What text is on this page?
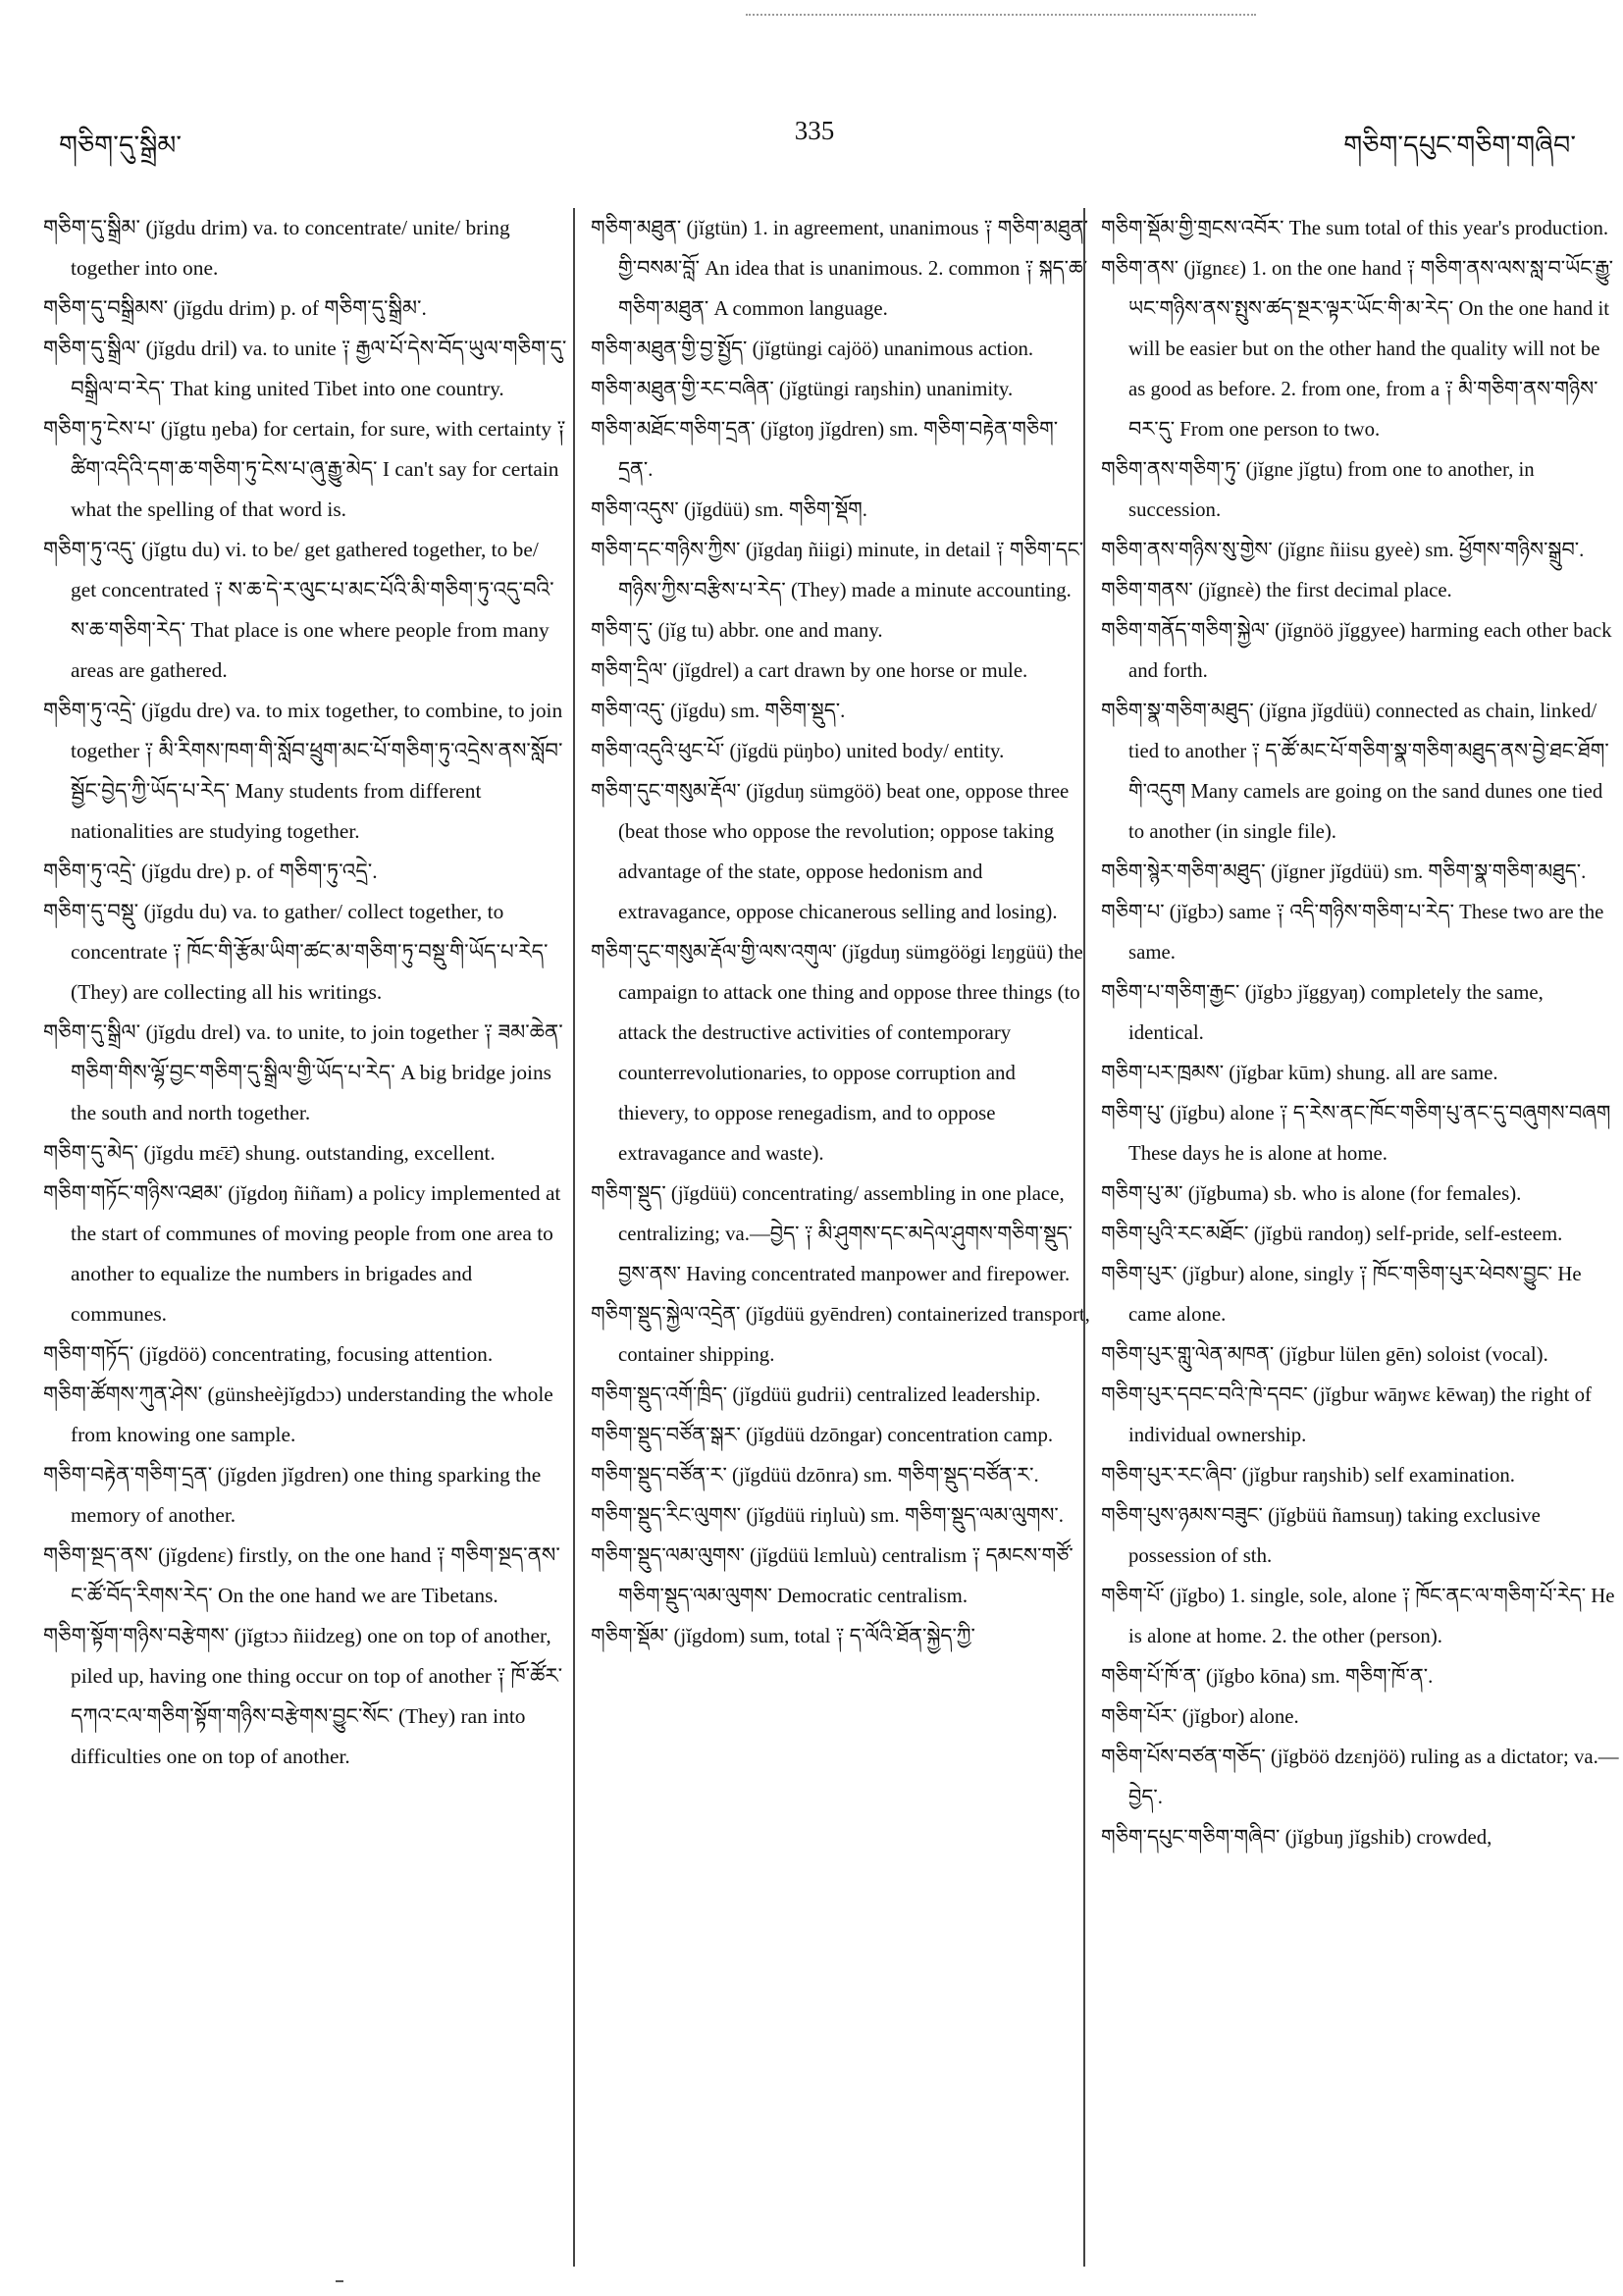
གཅིག་དུ་སྒྲིམ་	335	གཅིག་དཔུང་གཅིག་གཞིབ་

གཅིག་དུ་སྒྲིམ་ (jĭgdu drim) va. to concentrate/ unite/ bring together into one.

གཅིག་དུ་བསྒྲིམས་ (jĭgdu drim) p. of གཅིག་དུ་སྒྲིམ་.

གཅིག་དུ་སྒྲིལ་ (jĭgdu dril) va. to unite ༑ རྒྱལ་པོ་དེས་བོད་ཡུལ་གཅིག་དུ་བསྒྲིལ་བ་རེད་ That king united Tibet into one country.

གཅིག་ཏུ་ངེས་པ་ (jĭgtu ŋeba) for certain, for sure, with certainty ༑ ཚིག་འདིའི་དག་ཆ་གཅིག་ཏུ་ངེས་པ་ཞུ་རྒྱུ་མེད་ I can't say for certain what the spelling of that word is.

གཅིག་ཏུ་འདུ་ (jĭgtu du) vi. to be/ get gathered together, to be/ get concentrated ༑ ས་ཆ་དེ་ར་ལུང་པ་མང་པོའི་མི་གཅིག་ཏུ་འདུ་བའི་ས་ཆ་གཅིག་རེད་ That place is one where people from many areas are gathered.

གཅིག་ཏུ་འདྲེ་ (jĭgdu dre) va. to mix together, to combine, to join together ༑ མི་རིགས་ཁག་གི་སློབ་ཕྲུག་མང་པོ་གཅིག་ཏུ་འདྲེས་ནས་སློབ་སྦྱོང་བྱེད་ཀྱི་ཡོད་པ་རེད་ Many students from different nationalities are studying together.

གཅིག་ཏུ་འདྲེ་ (jĭgdu dre) p. of གཅིག་ཏུ་འདྲེ་.

གཅིག་དུ་བསྡུ་ (jĭgdu du) va. to gather/ collect together, to concentrate ༑ ཁོང་གི་རྩོམ་ཡིག་ཚང་མ་གཅིག་ཏུ་བསྡུ་གི་ཡོད་པ་རེད་ (They) are collecting all his writings.

གཅིག་དུ་སྒྲིལ་ (jĭgdu drel) va. to unite, to join together ༑ ཟམ་ཆེན་གཅིག་གིས་ལྷོ་བྱང་གཅིག་དུ་སྒྲིལ་གྱི་ཡོད་པ་རེད་ A big bridge joins the south and north together.

གཅིག་དུ་མེད་ (jĭgdu mɛ̄ɛ̄) shung. outstanding, excellent.

གཅིག་གཏོང་གཉིས་འཐམ་ (jĭgdoŋ ñiñam) a policy implemented at the start of communes of moving people from one area to another to equalize the numbers in brigades and communes.

གཅིག་གཏོད་ (jĭgdöö) concentrating, focusing attention.

གཅིག་ཚོགས་ཀུན་ཤེས་ (günsheèjĭgdɔɔ) understanding the whole from knowing one sample.

གཅིག་བརྟེན་གཅིག་དྲན་ (jĭgden jĭgdren) one thing sparking the memory of another.

གཅིག་སྔད་ནས་ (jĭgdenɛ) firstly, on the one hand ༑ གཅིག་སྔད་ནས་ང་ཚོ་བོད་རིགས་རེད་ On the one hand we are Tibetans.

གཅིག་སྟོག་གཉིས་བརྩེགས་ (jĭgtɔɔ ñiidzeg) one on top of another, piled up, having one thing occur on top of another ༑ ཁོ་ཚོར་དཀའ་ངལ་གཅིག་སྟོག་གཉིས་བརྩེགས་བྱུང་སོང་ (They) ran into difficulties one on top of another.

གཅིག་མཐུན་ (jĭgtün) 1. in agreement, unanimous ༑ གཅིག་མཐུན་གྱི་བསམ་བློ་ An idea that is unanimous. 2. common ༑ སྐད་ཆ་གཅིག་མཐུན་ A common language.

གཅིག་མཐུན་གྱི་བྱ་སྤྱོད་ (jĭgtüngi cajöö) unanimous action.

གཅིག་མཐུན་གྱི་རང་བཞིན་ (jĭgtüngi raŋshin) unanimity.

གཅིག་མཐོང་གཅིག་དྲན་ (jĭgtoŋ jĭgdren) sm. གཅིག་བརྟེན་གཅིག་དྲན་.

གཅིག་འདུས་ (jĭgdüü) sm. གཅིག་སྡོག.

གཅིག་དང་གཉིས་ཀྱིས་ (jĭgdaŋ ñiigi) minute, in detail ༑ གཅིག་དང་གཉིས་ཀྱིས་བརྩིས་པ་རེད་ (They) made a minute accounting.

གཅིག་དུ་ (jĭg tu) abbr. one and many.

གཅིག་དྲིལ་ (jĭgdrel) a cart drawn by one horse or mule.

གཅིག་འདུ་ (jĭgdu) sm. གཅིག་སྡུད་.

གཅིག་འདུའི་ཕུང་པོ་ (jĭgdü püŋbo) united body/ entity.

གཅིག་དུང་གསུམ་རྡོལ་ (jĭgduŋ sümgöö) beat one, oppose three (beat those who oppose the revolution; oppose taking advantage of the state, oppose hedonism and extravagance, oppose chicanerous selling and losing).

གཅིག་དུང་གསུམ་རྡོལ་གྱི་ལས་འགུལ་ (jĭgduŋ sümgöögi lɛŋgüü) the campaign to attack one thing and oppose three things (to attack the destructive activities of contemporary counterrevolutionaries, to oppose corruption and thievery, to oppose renegadism, and to oppose extravagance and waste).

གཅིག་སྡུད་ (jĭgdüü) concentrating/ assembling in one place, centralizing; va.—བྱེད་ ༑ མི་ཤུགས་དང་མདེལ་ཤུགས་གཅིག་སྡུད་བྱས་ནས་ Having concentrated manpower and firepower.

གཅིག་སྡུད་སྐྱེལ་འདྲེན་ (jĭgdüü gyēndren) containerized transport, container shipping.

གཅིག་སྡུད་འགོ་ཁྲིད་ (jĭgdüü gudrii) centralized leadership.

གཅིག་སྡུད་བཙོན་སྒར་ (jĭgdüü dzōngar) concentration camp.

གཅིག་སྡུད་བཙོན་ར་ (jĭgdüü dzōnra) sm. གཅིག་སྡུད་བཙོན་ར་.

གཅིག་སྡུད་རིང་ལུགས་ (jĭgdüü riŋluù) sm. གཅིག་སྡུད་ལམ་ལུགས་.

གཅིག་སྡུད་ལམ་ལུགས་ (jĭgdüü lɛmluù) centralism ༑ དམངས་གཙོ་གཅིག་སྡུད་ལམ་ལུགས་ Democratic centralism.

གཅིག་སྡོམ་ (jĭgdom) sum, total ༑ ད་ལོའི་ཐོན་སྐྱེད་ཀྱི་

གཅིག་སྡོམ་གྱི་གྲངས་འབོར་ The sum total of this year's production.

གཅིག་ནས་ (jĭgnɛɛ) 1. on the one hand ༑ གཅིག་ནས་ལས་སླ་བ་ཡོང་རྒྱུ་ཡང་གཉིས་ནས་སྤུས་ཚད་སྔར་ལྟར་ཡོང་གི་མ་རེད་ On the one hand it will be easier but on the other hand the quality will not be as good as before. 2. from one, from a ༑ མི་གཅིག་ནས་གཉིས་བར་དུ་ From one person to two.

གཅིག་ནས་གཅིག་ཏུ་ (jĭgne jĭgtu) from one to another, in succession.

གཅིག་ནས་གཉིས་སུ་གྱེས་ (jĭgnɛ ñiisu gyeè) sm. ཕྱོགས་གཉིས་སྒྲུབ་.

གཅིག་གནས་ (jĭgnɛè) the first decimal place.

གཅིག་གནོད་གཅིག་སྐྱེལ་ (jĭgnöö jĭggyee) harming each other back and forth.

གཅིག་སྣ་གཅིག་མཐུད་ (jĭgna jĭgdüü) connected as chain, linked/ tied to another ༑ ད་ཚོ་མང་པོ་གཅིག་སྣ་གཅིག་མཐུད་ནས་བྱེ་ཐང་ཐོག་གི་འདུག Many camels are going on the sand dunes one tied to another (in single file).

གཅིག་སྙེར་གཅིག་མཐུད་ (jĭgner jĭgdüü) sm. གཅིག་སྣ་གཅིག་མཐུད་.

གཅིག་པ་ (jĭgbɔ) same ༑ འདི་གཉིས་གཅིག་པ་རེད་ These two are the same.

གཅིག་པ་གཅིག་རྒྱང་ (jĭgbɔ jĭggyaŋ) completely the same, identical.

གཅིག་པར་ཁྲམས་ (jĭgbar kūm) shung. all are same.

གཅིག་པུ་ (jĭgbu) alone ༑ ད་རེས་ནང་ཁོང་གཅིག་པུ་ནང་དུ་བཞུགས་བཞག These days he is alone at home.

གཅིག་པུ་མ་ (jĭgbuma) sb. who is alone (for females).

གཅིག་པུའི་རང་མཐོང་ (jĭgbü randoŋ) self-pride, self-esteem.

གཅིག་པུར་ (jĭgbur) alone, singly ༑ ཁོང་གཅིག་པུར་ཕེབས་བྱུང་ He came alone.

གཅིག་པུར་གླུ་ལེན་མཁན་ (jĭgbur lülen gēn) soloist (vocal).

གཅིག་པུར་དབང་བའི་ཁེ་དབང་ (jĭgbur wāŋwɛ kēwaŋ) the right of individual ownership.

གཅིག་པུར་རང་ཞིབ་ (jĭgbur raŋshib) self examination.

གཅིག་པུས་ཉམས་བཟུང་ (jĭgbüü ñamsuŋ) taking exclusive possession of sth.

གཅིག་པོ་ (jĭgbo) 1. single, sole, alone ༑ ཁོང་ནང་ལ་གཅིག་པོ་རེད་ He is alone at home. 2. the other (person).

གཅིག་པོ་ཁོ་ན་ (jĭgbo kōna) sm. གཅིག་ཁོ་ན་.

གཅིག་པོར་ (jĭgbor) alone.

གཅིག་པོས་བཙན་གཅོད་ (jĭgböö dzɛnjöö) ruling as a dictator; va.—བྱེད་.

གཅིག་དཔུང་གཅིག་གཞིབ་ (jĭgbuŋ jĭgshib) crowded,
